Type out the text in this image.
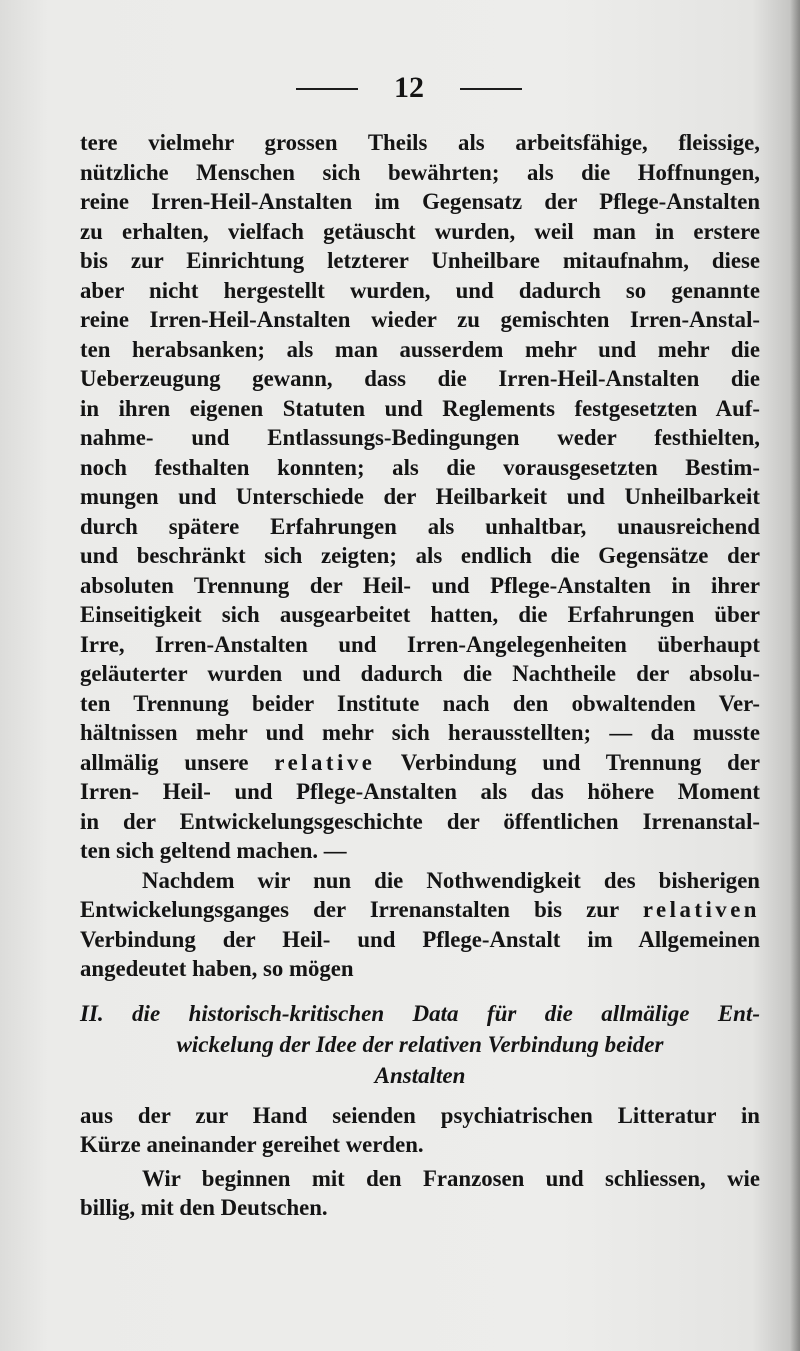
12

tere vielmehr grossen Theils als arbeitsfähige, fleissige,
nützliche Menschen sich bewährten; als die Hoffnungen,
reine Irren-Heil-Anstalten im Gegensatz der Pflege-Anstalten
zu erhalten, vielfach getäuscht wurden, weil man in erstere
bis zur Einrichtung letzterer Unheilbare mitaufnahm, diese
aber nicht hergestellt wurden, und dadurch so genannte
reine Irren-Heil-Anstalten wieder zu gemischten Irren-Anstal-
ten herabsanken; als man ausserdem mehr und mehr die
Ueberzeugung gewann, dass die Irren-Heil-Anstalten die
in ihren eigenen Statuten und Reglements festgesetzten Auf-
nahme- und Entlassungs-Bedingungen weder festhielten,
noch festhalten konnten; als die vorausgesetzten Bestim-
mungen und Unterschiede der Heilbarkeit und Unheilbarkeit
durch spätere Erfahrungen als unhaltbar, unausreichend
und beschränkt sich zeigten; als endlich die Gegensätze der
absoluten Trennung der Heil- und Pflege-Anstalten in ihrer
Einseitigkeit sich ausgearbeitet hatten, die Erfahrungen über
Irre, Irren-Anstalten und Irren-Angelegenheiten überhaupt
geläuterter wurden und dadurch die Nachtheile der absolu-
ten Trennung beider Institute nach den obwaltenden Ver-
hältnissen mehr und mehr sich herausstellten; — da musste
allmälig unsere relative Verbindung und Trennung der
Irren- Heil- und Pflege-Anstalten als das höhere Moment
in der Entwickelungsgeschichte der öffentlichen Irrenanstal-
ten sich geltend machen. —

Nachdem wir nun die Nothwendigkeit des bisherigen
Entwickelungsganges der Irrenanstalten bis zur relativen
Verbindung der Heil- und Pflege-Anstalt im Allgemeinen
angedeutet haben, so mögen

II. die historisch-kritischen Data für die allmälige Ent-
wickelung der Idee der relativen Verbindung beider
Anstalten

aus der zur Hand seienden psychiatrischen Litteratur in
Kürze aneinander gereihet werden.

Wir beginnen mit den Franzosen und schliessen, wie
billig, mit den Deutschen.
